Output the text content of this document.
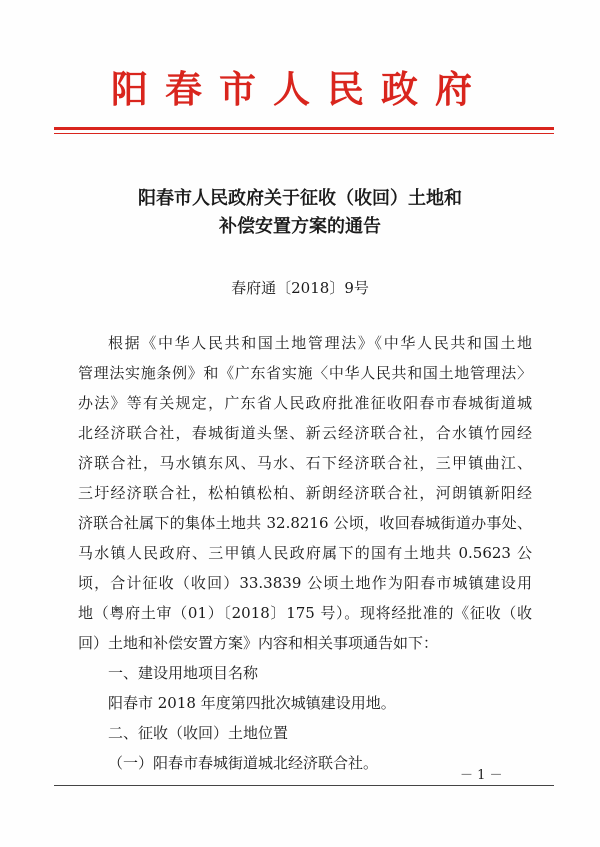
阳春市人民政府
阳春市人民政府关于征收（收回）土地和
补偿安置方案的通告
春府通〔2018〕9号
根据《中华人民共和国土地管理法》《中华人民共和国土地
管理法实施条例》和《广东省实施〈中华人民共和国土地管理法〉
办法》等有关规定，广东省人民政府批准征收阳春市春城街道城
北经济联合社，春城街道头堡、新云经济联合社，合水镇竹园经
济联合社，马水镇东风、马水、石下经济联合社，三甲镇曲江、
三圩经济联合社，松柏镇松柏、新朗经济联合社，河朗镇新阳经
济联合社属下的集体土地共 32.8216 公顷，收回春城街道办事处、
马水镇人民政府、三甲镇人民政府属下的国有土地共 0.5623 公
顷，合计征收（收回）33.3839 公顷土地作为阳春市城镇建设用
地（粤府土审（01）〔2018〕175 号）。现将经批准的《征收（收
回）土地和补偿安置方案》内容和相关事项通告如下：
一、建设用地项目名称
阳春市 2018 年度第四批次城镇建设用地。
二、征收（收回）土地位置
（一）阳春市春城街道城北经济联合社。
－ 1 －
